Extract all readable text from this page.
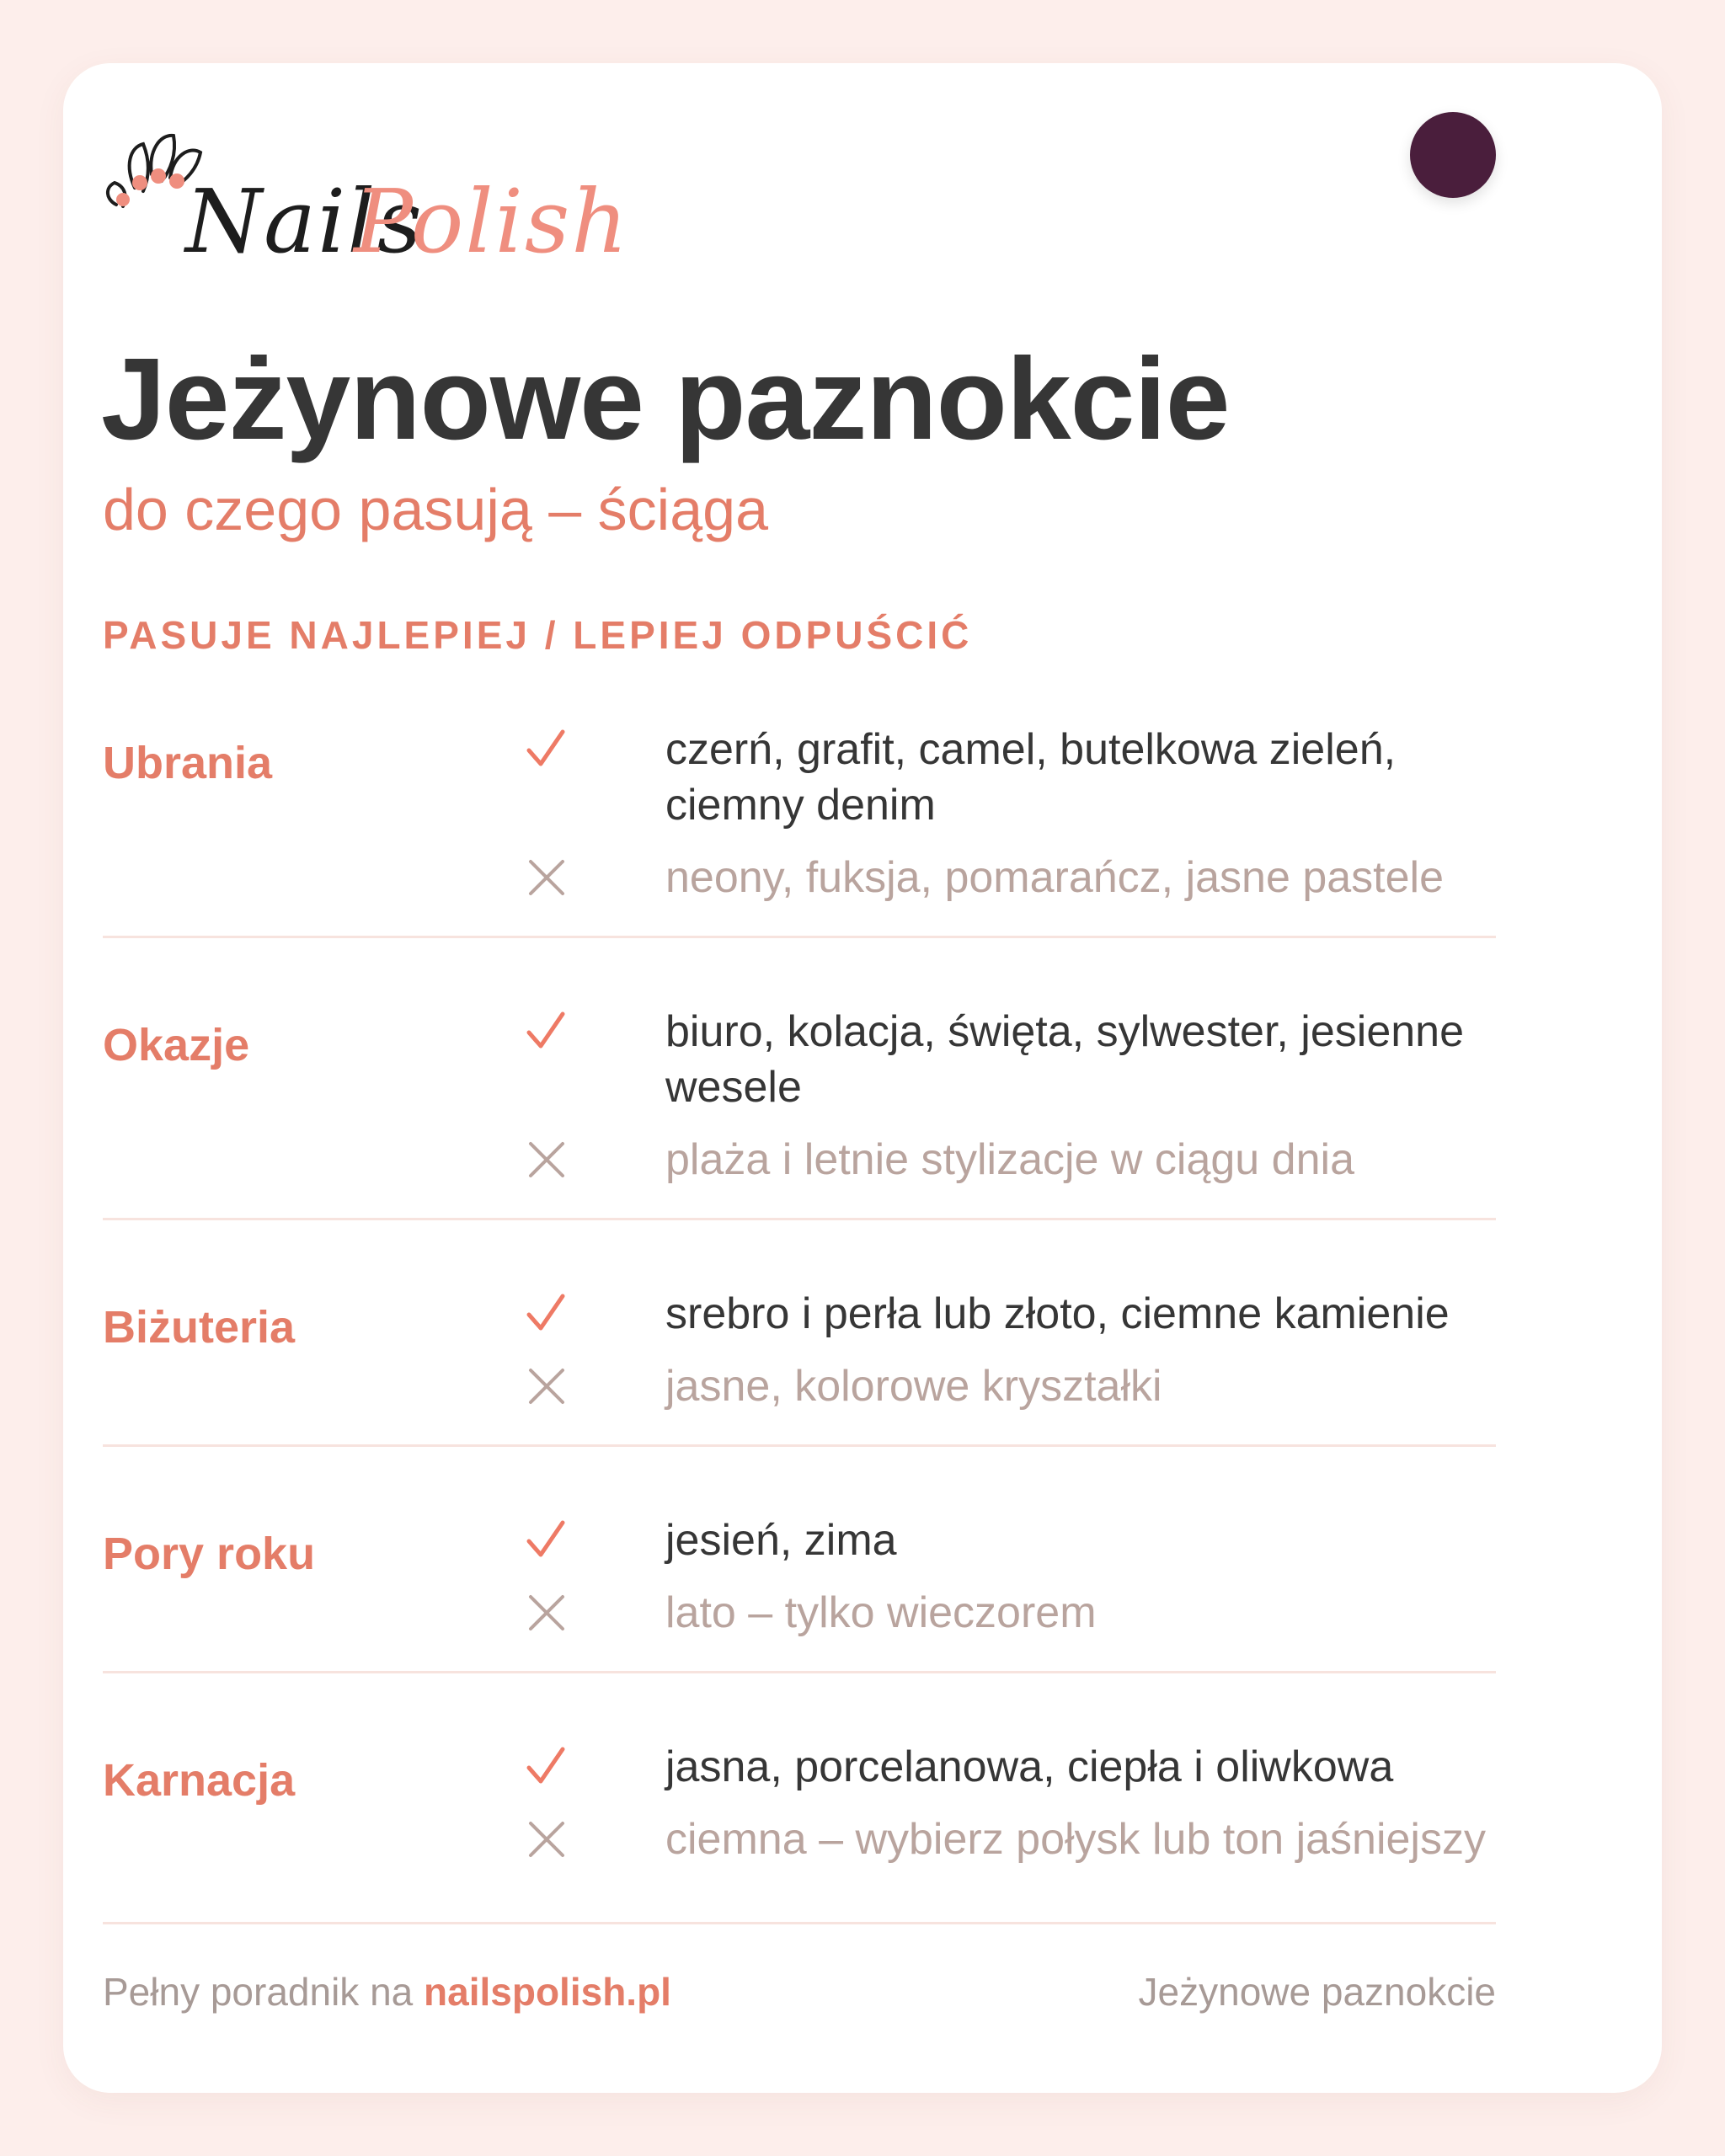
Nails
Polish
Jeżynowe paznokcie

do czego pasują – ściąga

PASUJE NAJLEPIEJ / LEPIEJ ODPUŚCIĆ

Ubrania	czerń, grafit, camel, butelkowa zieleń, ciemny denim
neony, fuksja, pomarańcz, jasne pastele
Okazje	biuro, kolacja, święta, sylwester, jesienne wesele
plaża i letnie stylizacje w ciągu dnia
Biżuteria	srebro i perła lub złoto, ciemne kamienie
jasne, kolorowe kryształki
Pory roku	jesień, zima
lato – tylko wieczorem
Karnacja	jasna, porcelanowa, ciepła i oliwkowa
ciemna – wybierz połysk lub ton jaśniejszy
Pełny poradnik na nailspolish.pl	Jeżynowe paznokcie
